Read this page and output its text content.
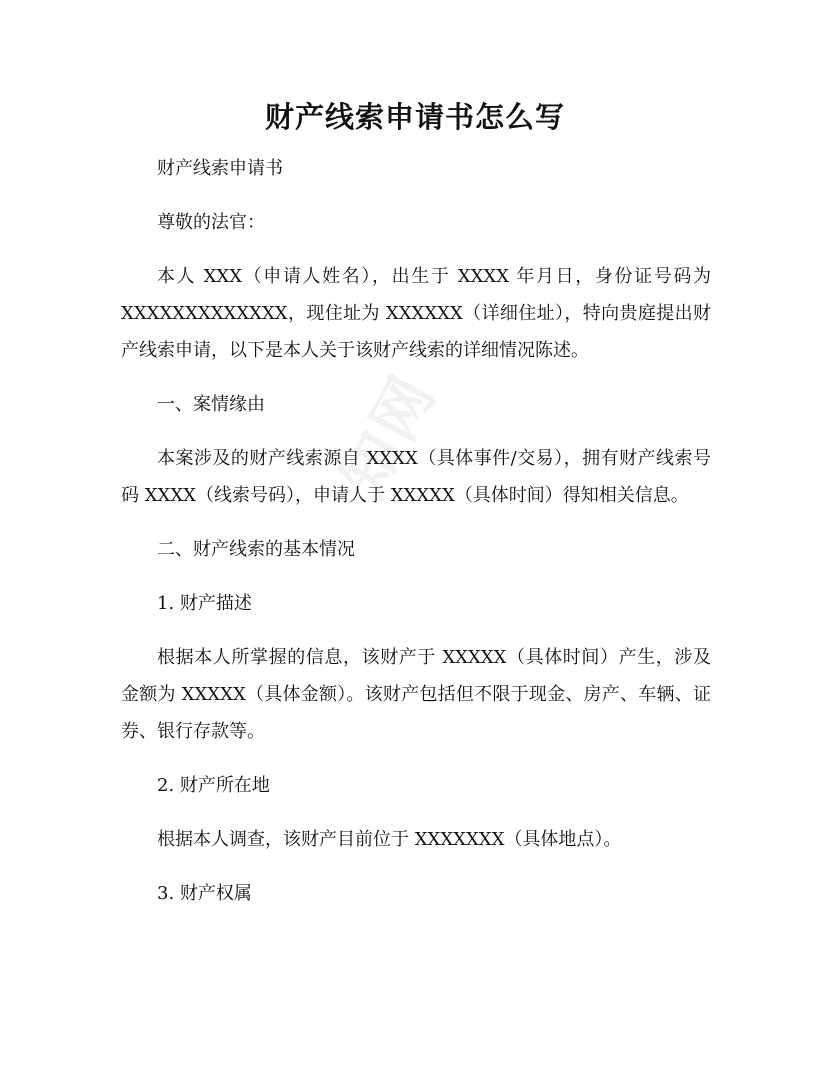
知网
财产线索申请书怎么写

财产线索申请书

尊敬的法官：

本人 XXX（申请人姓名），出生于 XXXX 年月日，身份证号码为 XXXXXXXXXXXXX，现住址为 XXXXXX（详细住址），特向贵庭提出财产线索申请，以下是本人关于该财产线索的详细情况陈述。

一、案情缘由

本案涉及的财产线索源自 XXXX（具体事件/交易），拥有财产线索号码 XXXX（线索号码），申请人于 XXXXX（具体时间）得知相关信息。

二、财产线索的基本情况

1. 财产描述

根据本人所掌握的信息，该财产于 XXXXX（具体时间）产生，涉及金额为 XXXXX（具体金额）。该财产包括但不限于现金、房产、车辆、证券、银行存款等。

2. 财产所在地

根据本人调查，该财产目前位于 XXXXXXX（具体地点）。

3. 财产权属
